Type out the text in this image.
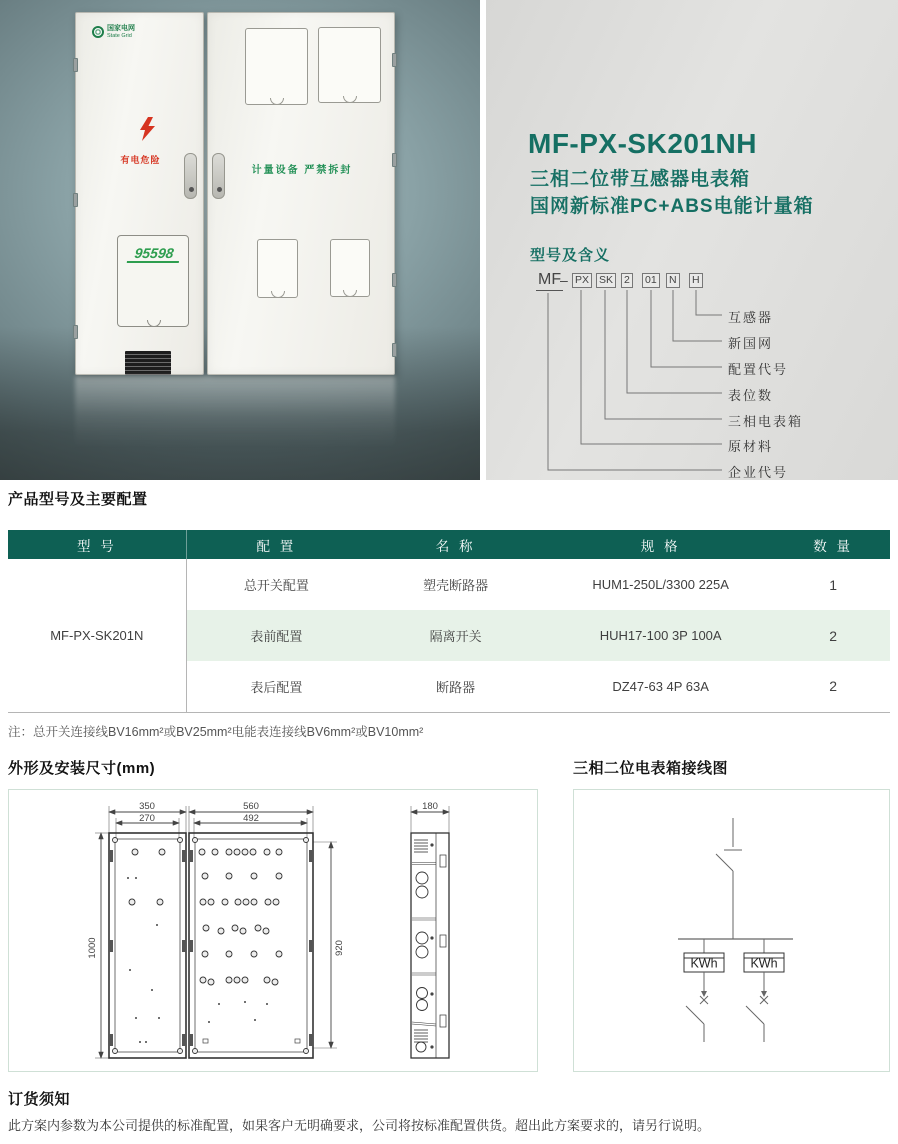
国家电网
State Grid
有电危险
95598
计量设备 严禁拆封
MF-PX-SK201NH
三相二位带互感器电表箱
国网新标准PC+ABS电能计量箱
型号及含义
MF
– PX SK 2 01 N H
互感器
新国网
配置代号
表位数
三相电表箱
原材料
企业代号
产品型号及主要配置
型 号	配 置	名 称	规 格	数 量
MF-PX-SK201N	总开关配置	塑壳断路器	HUM1-250L/3300 225A	1
	表前配置	隔离开关	HUH17-100 3P 100A	2
	表后配置	断路器	DZ47-63 4P 63A	2
注：总开关连接线BV16mm²或BV25mm²电能表连接线BV6mm²或BV10mm²
外形及安装尺寸(mm)
350
270
560
492
180
1000	920
三相二位电表箱接线图
KWh	KWh
订货须知
此方案内参数为本公司提供的标准配置，如果客户无明确要求，公司将按标准配置供货。超出此方案要求的，请另行说明。
